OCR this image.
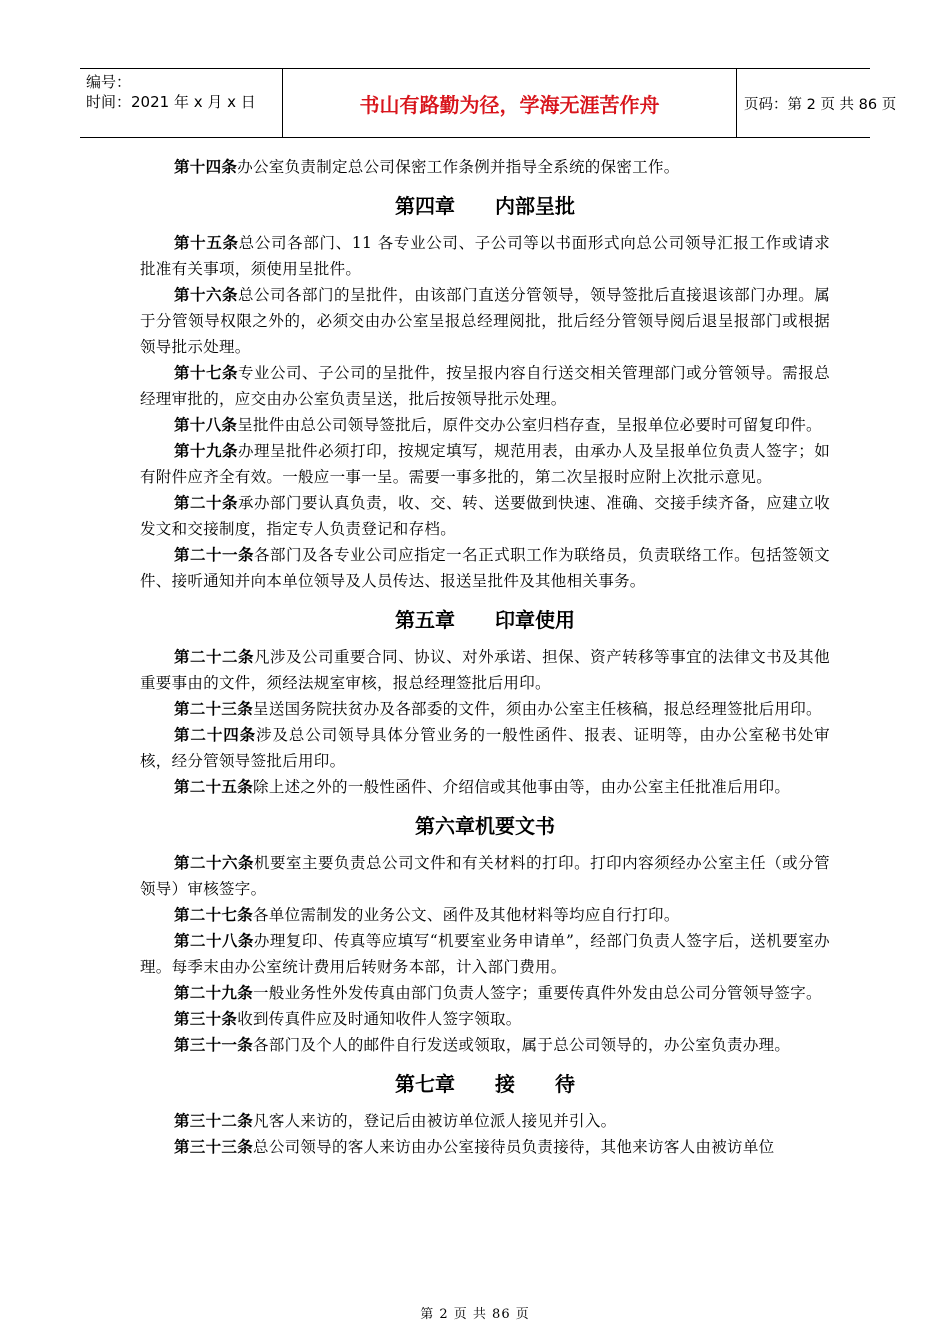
编号：
时间：2021 年 x 月 x 日	书山有路勤为径，学海无涯苦作舟	页码：第 2 页 共 86 页

第十四条办公室负责制定总公司保密工作条例并指导全系统的保密工作。

第四章　　内部呈批

第十五条总公司各部门、11 各专业公司、子公司等以书面形式向总公司领导汇报工作或请求批准有关事项，须使用呈批件。

第十六条总公司各部门的呈批件，由该部门直送分管领导，领导签批后直接退该部门办理。属于分管领导权限之外的，必须交由办公室呈报总经理阅批，批后经分管领导阅后退呈报部门或根据领导批示处理。

第十七条专业公司、子公司的呈批件，按呈报内容自行送交相关管理部门或分管领导。需报总经理审批的，应交由办公室负责呈送，批后按领导批示处理。

第十八条呈批件由总公司领导签批后，原件交办公室归档存查，呈报单位必要时可留复印件。

第十九条办理呈批件必须打印，按规定填写，规范用表，由承办人及呈报单位负责人签字；如有附件应齐全有效。一般应一事一呈。需要一事多批的，第二次呈报时应附上次批示意见。

第二十条承办部门要认真负责，收、交、转、送要做到快速、准确、交接手续齐备，应建立收发文和交接制度，指定专人负责登记和存档。

第二十一条各部门及各专业公司应指定一名正式职工作为联络员，负责联络工作。包括签领文件、接听通知并向本单位领导及人员传达、报送呈批件及其他相关事务。

第五章　　印章使用

第二十二条凡涉及公司重要合同、协议、对外承诺、担保、资产转移等事宜的法律文书及其他重要事由的文件，须经法规室审核，报总经理签批后用印。

第二十三条呈送国务院扶贫办及各部委的文件，须由办公室主任核稿，报总经理签批后用印。

第二十四条涉及总公司领导具体分管业务的一般性函件、报表、证明等，由办公室秘书处审核，经分管领导签批后用印。

第二十五条除上述之外的一般性函件、介绍信或其他事由等，由办公室主任批准后用印。

第六章机要文书

第二十六条机要室主要负责总公司文件和有关材料的打印。打印内容须经办公室主任（或分管领导）审核签字。

第二十七条各单位需制发的业务公文、函件及其他材料等均应自行打印。

第二十八条办理复印、传真等应填写“机要室业务申请单”，经部门负责人签字后，送机要室办理。每季末由办公室统计费用后转财务本部，计入部门费用。

第二十九条一般业务性外发传真由部门负责人签字；重要传真件外发由总公司分管领导签字。

第三十条收到传真件应及时通知收件人签字领取。

第三十一条各部门及个人的邮件自行发送或领取，属于总公司领导的，办公室负责办理。

第七章　　接　　待

第三十二条凡客人来访的，登记后由被访单位派人接见并引入。

第三十三条总公司领导的客人来访由办公室接待员负责接待，其他来访客人由被访单位

第 2 页 共 86 页
